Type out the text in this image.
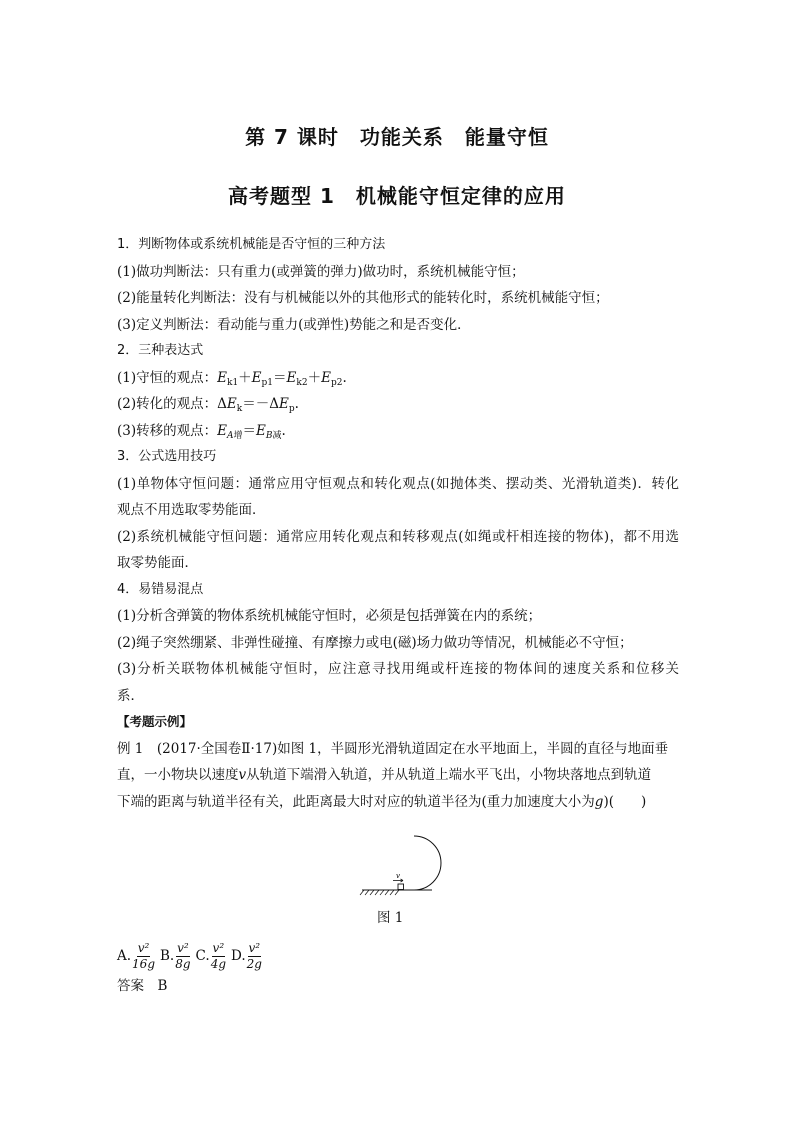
第 7 课时　功能关系　能量守恒
高考题型 1　机械能守恒定律的应用
1．判断物体或系统机械能是否守恒的三种方法
(1)做功判断法：只有重力(或弹簧的弹力)做功时，系统机械能守恒；
(2)能量转化判断法：没有与机械能以外的其他形式的能转化时，系统机械能守恒；
(3)定义判断法：看动能与重力(或弹性)势能之和是否变化．
2．三种表达式
(1)守恒的观点：$E_{k1}+E_{p1}=E_{k2}+E_{p2}$.
(2)转化的观点：$\Delta E_k=-\Delta E_p$.
(3)转移的观点：$E_{A增}=E_{B减}$.
3．公式选用技巧
(1)单物体守恒问题：通常应用守恒观点和转化观点(如抛体类、摆动类、光滑轨道类)．转化
观点不用选取零势能面．
(2)系统机械能守恒问题：通常应用转化观点和转移观点(如绳或杆相连接的物体)，都不用选
取零势能面．
4．易错易混点
(1)分析含弹簧的物体系统机械能守恒时，必须是包括弹簧在内的系统；
(2)绳子突然绷紧、非弹性碰撞、有摩擦力或电(磁)场力做功等情况，机械能必不守恒；
(3)分析关联物体机械能守恒时，应注意寻找用绳或杆连接的物体间的速度关系和位移关
系．
【考题示例】
例 1　 (2017·全国卷Ⅱ·17)如图 1，半圆形光滑轨道固定在水平地面上，半圆的直径与地面垂
直，一小物块以速度v从轨道下端滑入轨道，并从轨道上端水平飞出，小物块落地点到轨道
下端的距离与轨道半径有关，此距离最大时对应的轨道半径为(重力加速度大小为g)(　　)
v
图 1
A. $\frac{\text{v²}}{16g} B$. $\frac{\text{v²}}{8g} C$. $\frac{\text{v²}}{4g} D$. $\frac{\text{v²}}{2g}$
答案　 B
